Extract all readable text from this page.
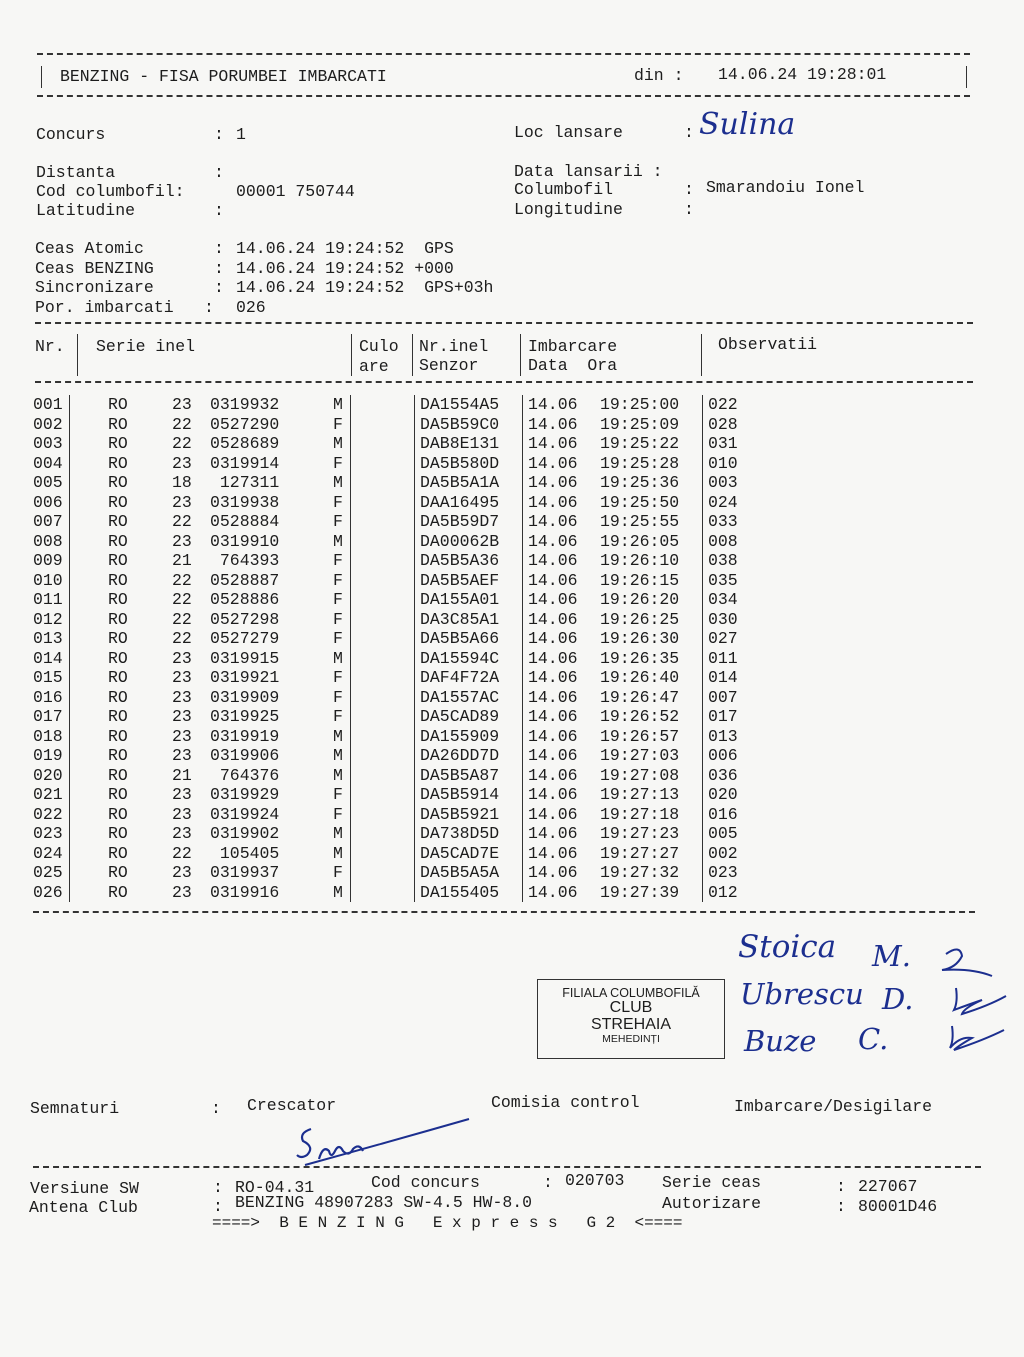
BENZING - FISA PORUMBEI IMBARCATI	din : 14.06.24 19:28:01
Concurs	: 1	Loc lansare	: Sulina
Distanta	:	Data lansarii :
Cod columbofil:	00001 750744	Columbofil	: Smarandoiu Ionel
Latitudine	:	Longitudine	:
Ceas Atomic	: 14.06.24 19:24:52  GPS
Ceas BENZING	: 14.06.24 19:24:52 +000
Sincronizare	: 14.06.24 19:24:52  GPS+03h
Por. imbarcati : 026
Nr. Serie inel	Culo
are
Nr.inel
Senzor
Imbarcare
Data  Ora
Observatii
001	RO	23 0319932	M	DA1554A5 14.06 19:25:00 022
002	RO	22 0527290	F	DA5B59C0 14.06 19:25:09 028
003	RO	22 0528689	M	DAB8E131 14.06 19:25:22 031
004	RO	23 0319914	F	DA5B580D 14.06 19:25:28 010
005	RO	18 127311	M	DA5B5A1A 14.06 19:25:36 003
006	RO	23 0319938	F	DAA16495 14.06 19:25:50 024
007	RO	22 0528884	F	DA5B59D7 14.06 19:25:55 033
008	RO	23 0319910	M	DA00062B 14.06 19:26:05 008
009	RO	21 764393	F	DA5B5A36 14.06 19:26:10 038
010	RO	22 0528887	F	DA5B5AEF 14.06 19:26:15 035
011	RO	22 0528886	F	DA155A01 14.06 19:26:20 034
012	RO	22 0527298	F	DA3C85A1 14.06 19:26:25 030
013	RO	22 0527279	F	DA5B5A66 14.06 19:26:30 027
014	RO	23 0319915	M	DA15594C 14.06 19:26:35 011
015	RO	23 0319921	F	DAF4F72A 14.06 19:26:40 014
016	RO	23 0319909	F	DA1557AC 14.06 19:26:47 007
017	RO	23 0319925	F	DA5CAD89 14.06 19:26:52 017
018	RO	23 0319919	M	DA155909 14.06 19:26:57 013
019	RO	23 0319906	M	DA26DD7D 14.06 19:27:03 006
020	RO	21 764376	M	DA5B5A87 14.06 19:27:08 036
021	RO	23 0319929	F	DA5B5914 14.06 19:27:13 020
022	RO	23 0319924	F	DA5B5921 14.06 19:27:18 016
023	RO	23 0319902	M	DA738D5D 14.06 19:27:23 005
024	RO	22 105405	M	DA5CAD7E 14.06 19:27:27 002
025	RO	23 0319937	F	DA5B5A5A 14.06 19:27:32 023
026	RO	23 0319916	M	DA155405 14.06 19:27:39 012
FILIALA COLUMBOFILĂ
CLUB
STREHAIA
MEHEDINȚI
Stoica M.
Ubrescu D.
Buze C.
Semnaturi	: Crescator	Comisia control	Imbarcare/Desigilare
Versiune SW	: RO-04.31	Cod concurs	: 020703 Serie ceas	: 227067
Antena Club	: BENZING 48907283 SW-4.5 HW-8.0	Autorizare	: 80001D46
====>  B E N Z I N G   E x p r e s s   G 2  <====
